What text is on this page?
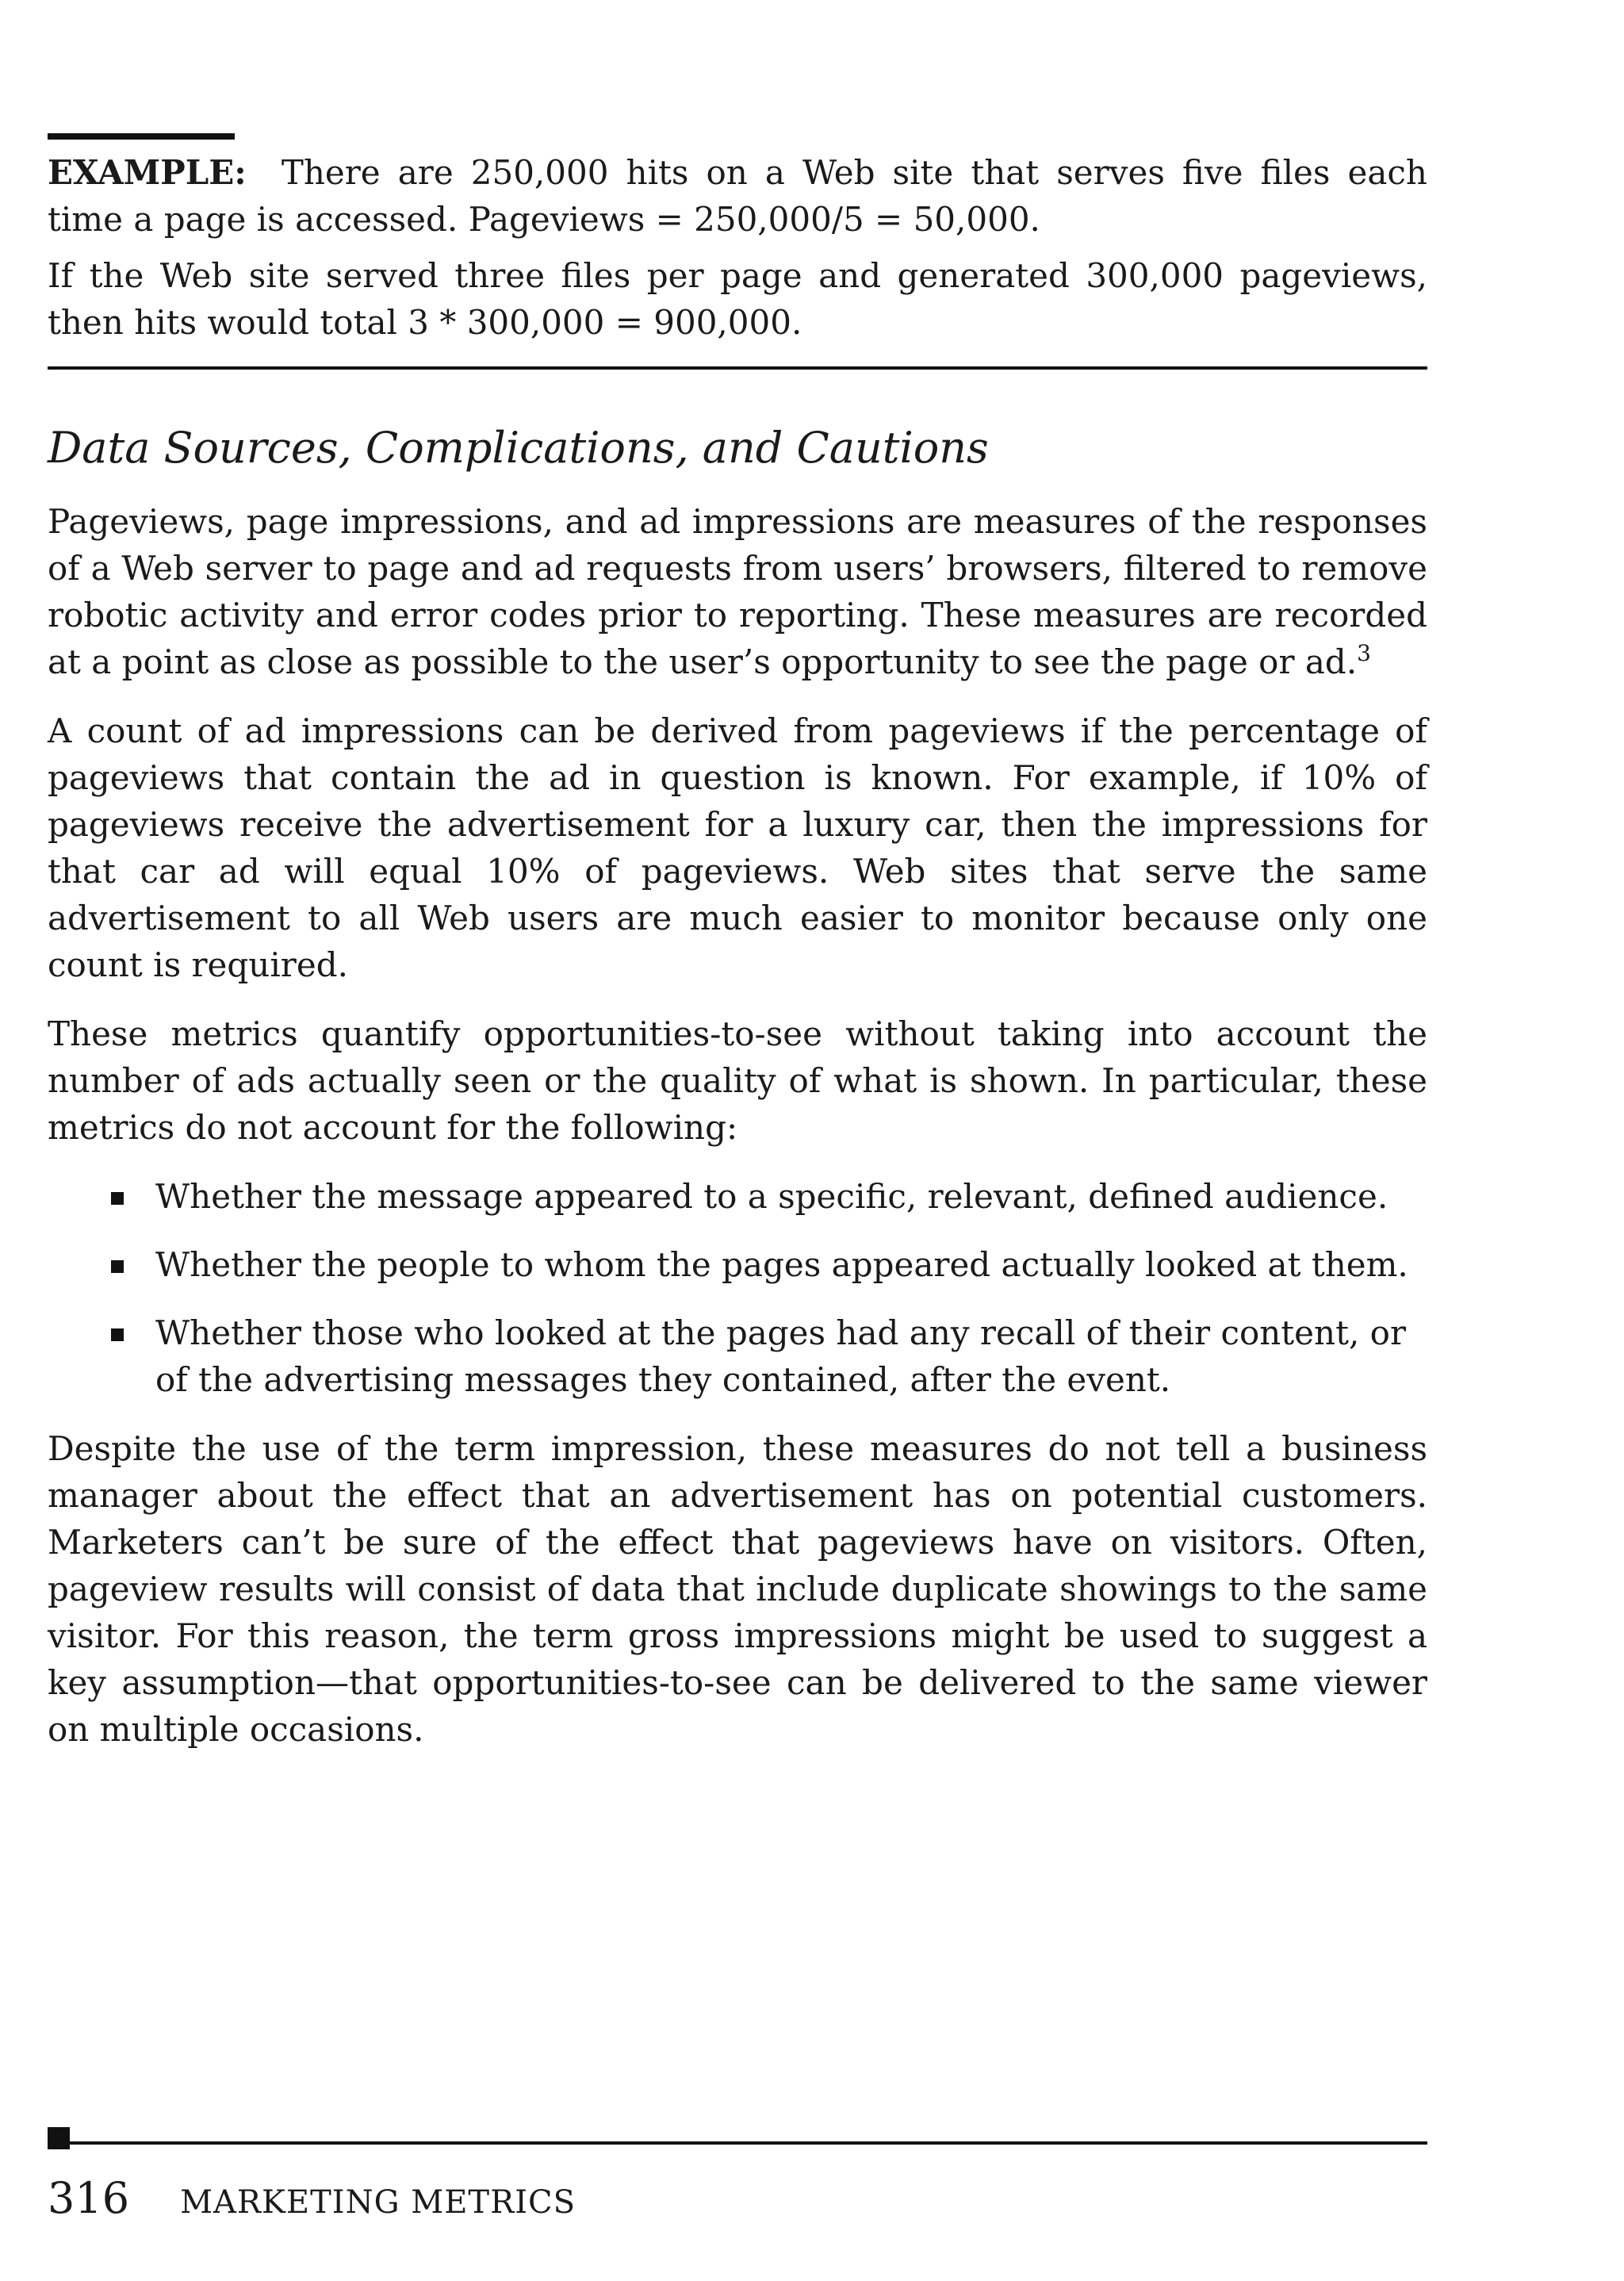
EXAMPLE: There are 250,000 hits on a Web site that serves five files each time a page is accessed. Pageviews = 250,000/5 = 50,000.

If the Web site served three files per page and generated 300,000 pageviews, then hits would total 3 * 300,000 = 900,000.

Data Sources, Complications, and Cautions

Pageviews, page impressions, and ad impressions are measures of the responses of a Web server to page and ad requests from users’ browsers, filtered to remove robotic activity and error codes prior to reporting. These measures are recorded at a point as close as possible to the user’s opportunity to see the page or ad.$^3$

A count of ad impressions can be derived from pageviews if the percentage of pageviews that contain the ad in question is known. For example, if 10% of pageviews receive the advertisement for a luxury car, then the impressions for that car ad will equal 10% of pageviews. Web sites that serve the same advertisement to all Web users are much easier to monitor because only one count is required.

These metrics quantify opportunities-to-see without taking into account the number of ads actually seen or the quality of what is shown. In particular, these metrics do not account for the following:

Whether the message appeared to a specific, relevant, defined audience.
Whether the people to whom the pages appeared actually looked at them.
Whether those who looked at the pages had any recall of their content, or of the advertising messages they contained, after the event.

Despite the use of the term impression, these measures do not tell a business manager about the effect that an advertisement has on potential customers. Marketers can’t be sure of the effect that pageviews have on visitors. Often, pageview results will consist of data that include duplicate showings to the same visitor. For this reason, the term gross impressions might be used to suggest a key assumption—that opportunities-to-see can be delivered to the same viewer on multiple occasions.

316 MARKETING METRICS
